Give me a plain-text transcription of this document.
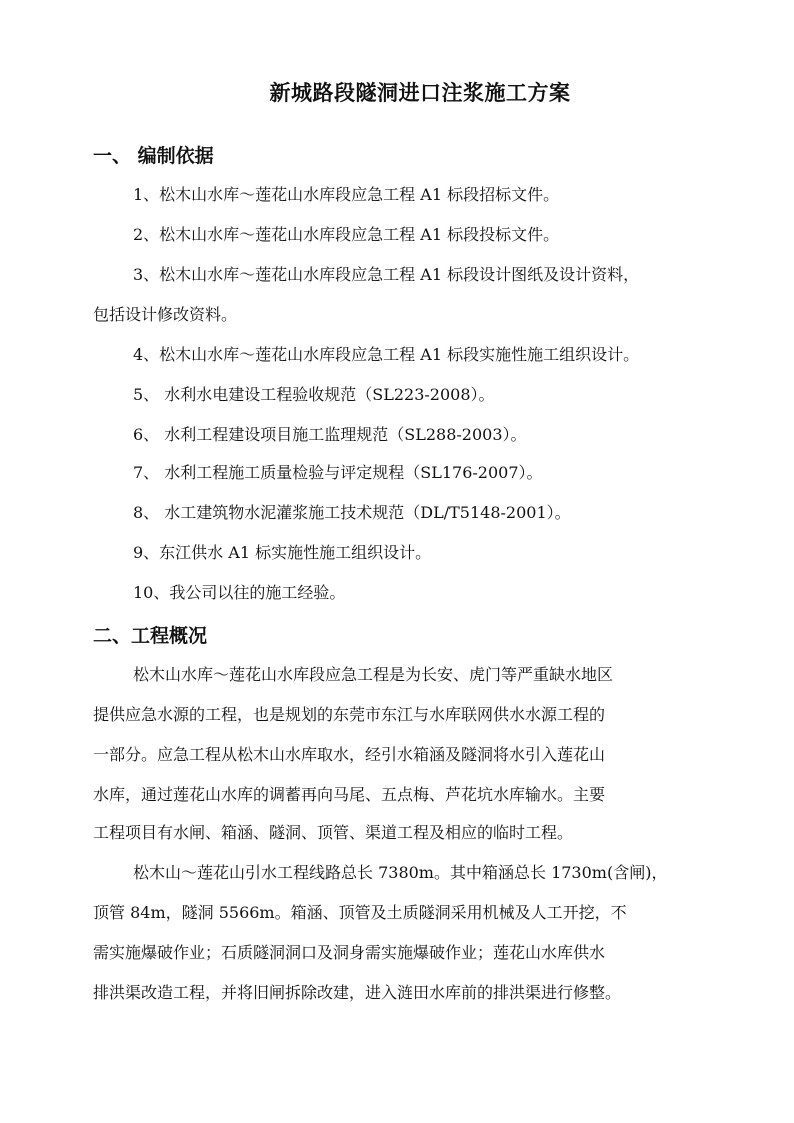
新城路段隧洞进口注浆施工方案
一、 编制依据
1、松木山水库～莲花山水库段应急工程 A1 标段招标文件。
2、松木山水库～莲花山水库段应急工程 A1 标段投标文件。
3、松木山水库～莲花山水库段应急工程 A1 标段设计图纸及设计资料，
包括设计修改资料。
4、松木山水库～莲花山水库段应急工程 A1 标段实施性施工组织设计。
5、 水利水电建设工程验收规范（SL223-2008）。
6、 水利工程建设项目施工监理规范（SL288-2003）。
7、 水利工程施工质量检验与评定规程（SL176-2007）。
8、 水工建筑物水泥灌浆施工技术规范（DL/T5148-2001）。
9、东江供水 A1 标实施性施工组织设计。
10、我公司以往的施工经验。
二、工程概况
松木山水库～莲花山水库段应急工程是为长安、虎门等严重缺水地区
提供应急水源的工程，也是规划的东莞市东江与水库联网供水水源工程的
一部分。应急工程从松木山水库取水，经引水箱涵及隧洞将水引入莲花山
水库，通过莲花山水库的调蓄再向马尾、五点梅、芦花坑水库输水。主要
工程项目有水闸、箱涵、隧洞、顶管、渠道工程及相应的临时工程。
松木山～莲花山引水工程线路总长 7380m。其中箱涵总长 1730m(含闸)，
顶管 84m，隧洞 5566m。箱涵、顶管及土质隧洞采用机械及人工开挖，不
需实施爆破作业；石质隧洞洞口及洞身需实施爆破作业；莲花山水库供水
排洪渠改造工程，并将旧闸拆除改建，进入涟田水库前的排洪渠进行修整。
